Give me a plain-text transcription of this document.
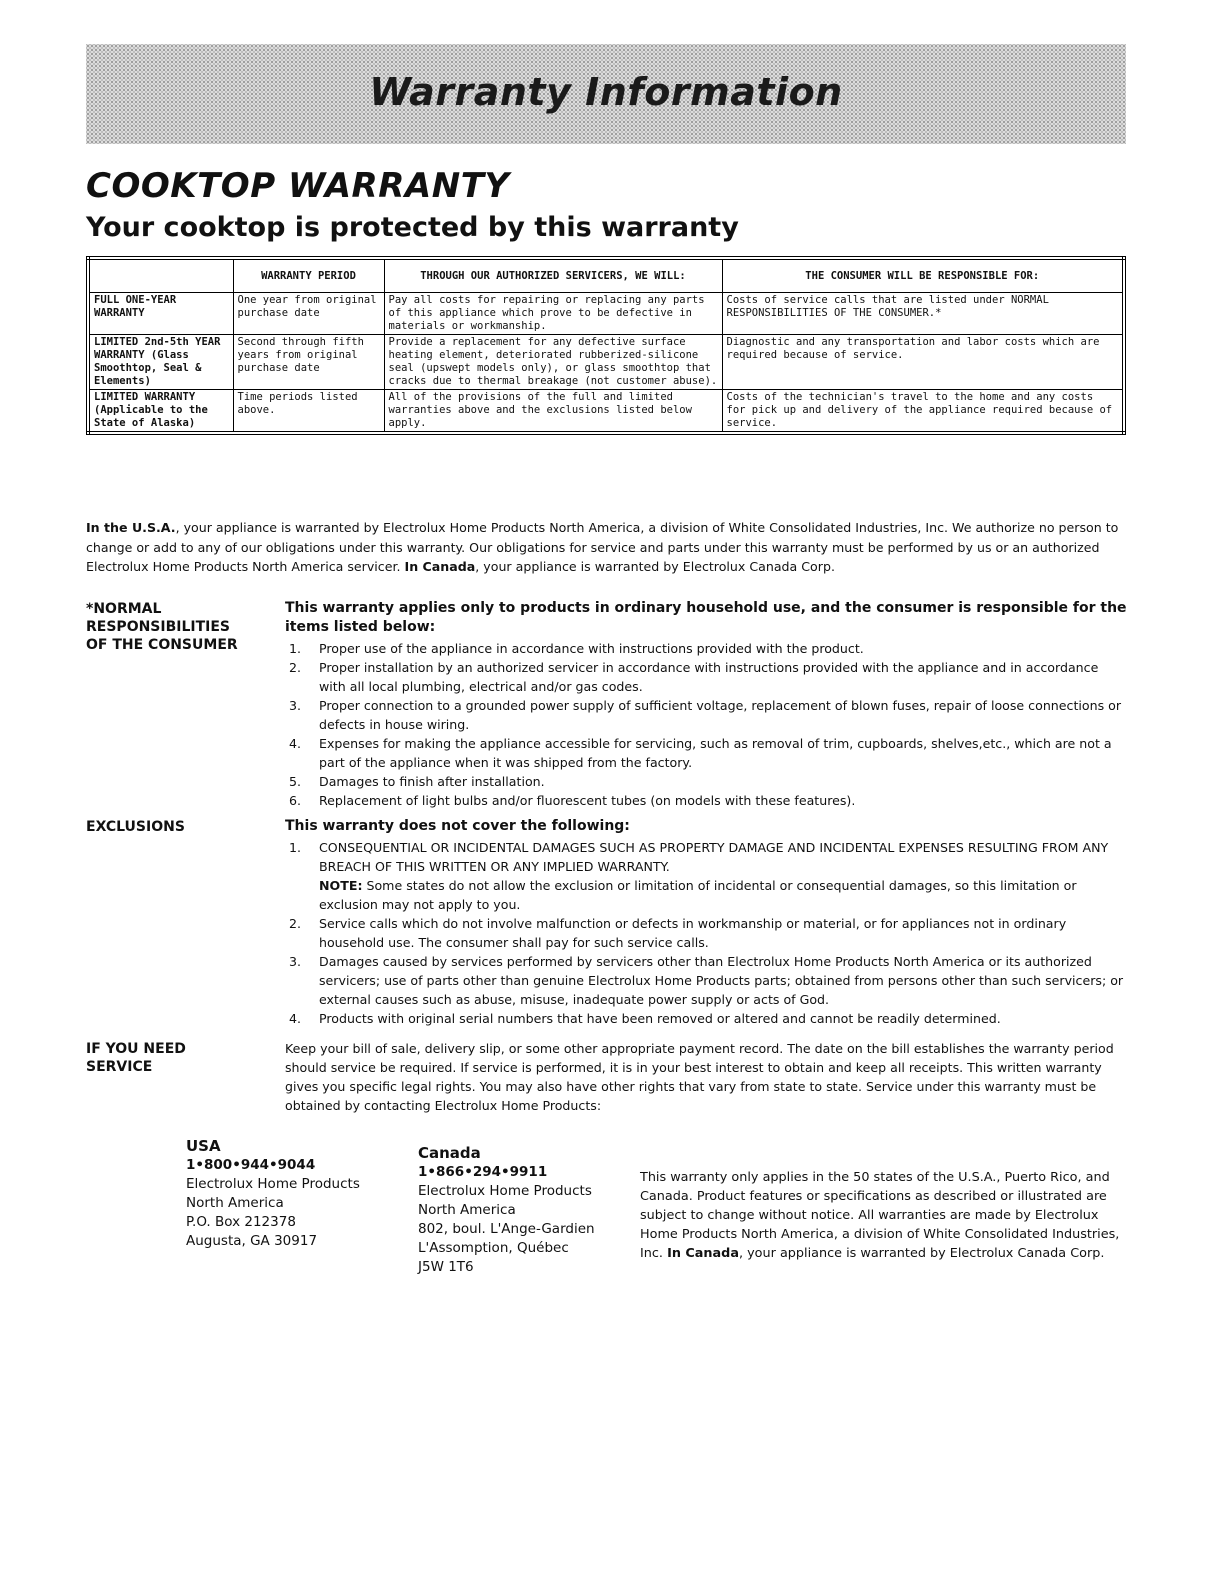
Warranty Information
COOKTOP WARRANTY
Your cooktop is protected by this warranty
	WARRANTY PERIOD	THROUGH OUR AUTHORIZED SERVICERS, WE WILL:	THE CONSUMER WILL BE RESPONSIBLE FOR:
FULL ONE-YEAR WARRANTY	One year from original purchase date	Pay all costs for repairing or replacing any parts of this appliance which prove to be defective in materials or workmanship.	Costs of service calls that are listed under NORMAL RESPONSIBILITIES OF THE CONSUMER.*
LIMITED 2nd-5th YEAR WARRANTY (Glass Smoothtop, Seal & Elements)	Second through fifth years from original purchase date	Provide a replacement for any defective surface heating element, deteriorated rubberized-silicone seal (upswept models only), or glass smoothtop that cracks due to thermal breakage (not customer abuse).	Diagnostic and any transportation and labor costs which are required because of service.
LIMITED WARRANTY (Applicable to the State of Alaska)	Time periods listed above.	All of the provisions of the full and limited warranties above and the exclusions listed below apply.	Costs of the technician's travel to the home and any costs for pick up and delivery of the appliance required because of service.

In the U.S.A., your appliance is warranted by Electrolux Home Products North America, a division of White Consolidated Industries, Inc. We authorize no person to change or add to any of our obligations under this warranty. Our obligations for service and parts under this warranty must be performed by us or an authorized Electrolux Home Products North America servicer. In Canada, your appliance is warranted by Electrolux Canada Corp.

*NORMAL
RESPONSIBILITIES
OF THE CONSUMER
This warranty applies only to products in ordinary household use, and the consumer is responsible for the items listed below:
1. Proper use of the appliance in accordance with instructions provided with the product.
2. Proper installation by an authorized servicer in accordance with instructions provided with the appliance and in accordance with all local plumbing, electrical and/or gas codes.
3. Proper connection to a grounded power supply of sufficient voltage, replacement of blown fuses, repair of loose connections or defects in house wiring.
4. Expenses for making the appliance accessible for servicing, such as removal of trim, cupboards, shelves,etc., which are not a part of the appliance when it was shipped from the factory.
5. Damages to finish after installation.
6. Replacement of light bulbs and/or fluorescent tubes (on models with these features).
EXCLUSIONS	This warranty does not cover the following:
1. CONSEQUENTIAL OR INCIDENTAL DAMAGES SUCH AS PROPERTY DAMAGE AND INCIDENTAL EXPENSES RESULTING FROM ANY BREACH OF THIS WRITTEN OR ANY IMPLIED WARRANTY.
NOTE: Some states do not allow the exclusion or limitation of incidental or consequential damages, so this limitation or exclusion may not apply to you.
2. Service calls which do not involve malfunction or defects in workmanship or material, or for appliances not in ordinary household use. The consumer shall pay for such service calls.
3. Damages caused by services performed by servicers other than Electrolux Home Products North America or its authorized servicers; use of parts other than genuine Electrolux Home Products parts; obtained from persons other than such servicers; or external causes such as abuse, misuse, inadequate power supply or acts of God.
4. Products with original serial numbers that have been removed or altered and cannot be readily determined.
IF YOU NEED
SERVICE
Keep your bill of sale, delivery slip, or some other appropriate payment record. The date on the bill establishes the warranty period should service be required. If service is performed, it is in your best interest to obtain and keep all receipts. This written warranty gives you specific legal rights. You may also have other rights that vary from state to state. Service under this warranty must be obtained by contacting Electrolux Home Products:
USA
1•800•944•9044
Electrolux Home Products
North America
P.O. Box 212378
Augusta, GA 30917
Canada
1•866•294•9911
Electrolux Home Products
North America
802, boul. L'Ange-Gardien
L'Assomption, Québec
J5W 1T6

This warranty only applies in the 50 states of the U.S.A., Puerto Rico, and Canada. Product features or specifications as described or illustrated are subject to change without notice. All warranties are made by Electrolux Home Products North America, a division of White Consolidated Industries, Inc. In Canada, your appliance is warranted by Electrolux Canada Corp.
